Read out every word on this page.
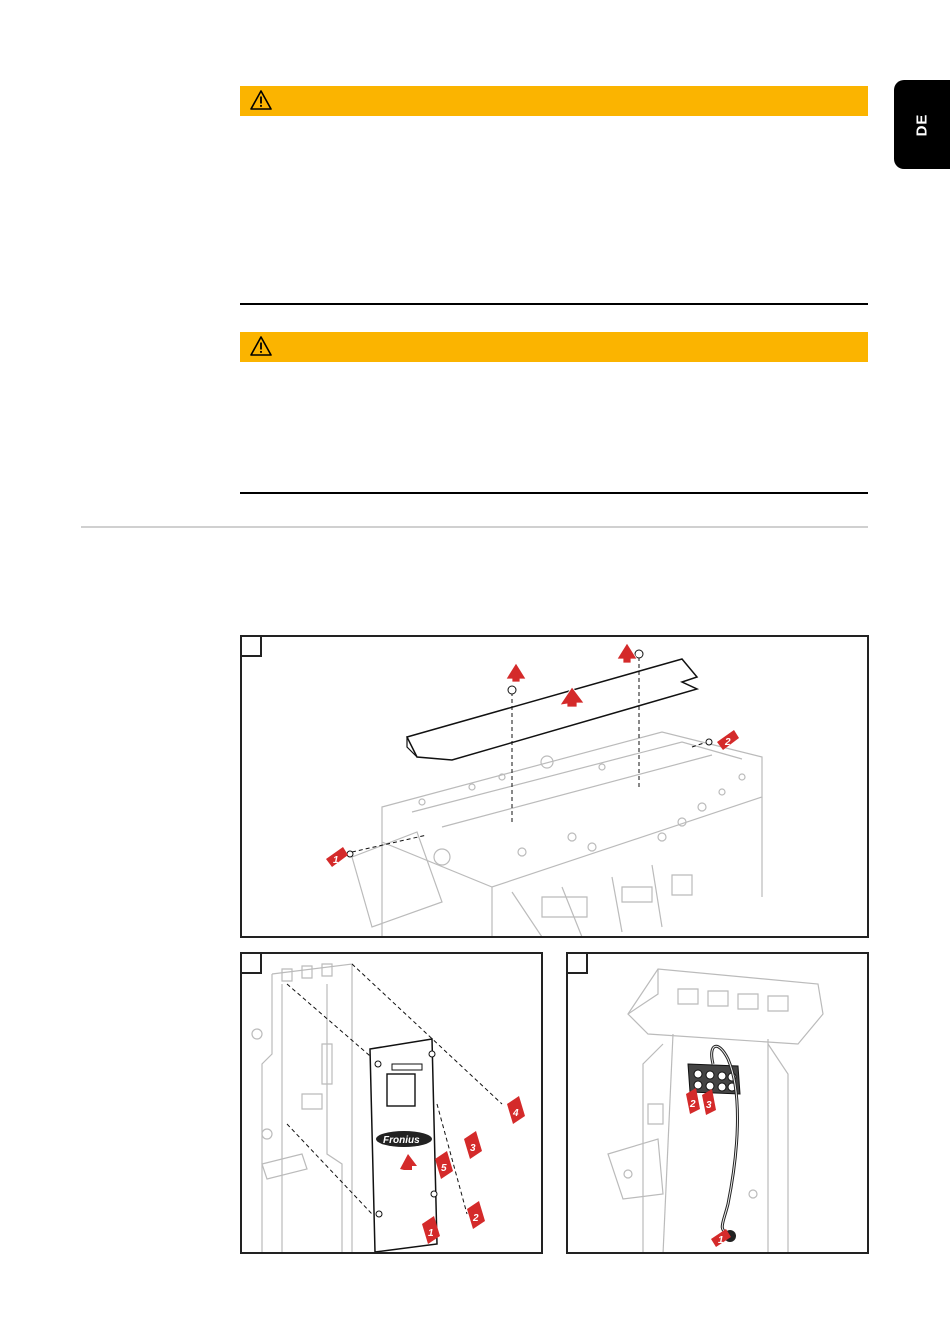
DE
1
2
Fronius
1
2
3
4
5
1
2 3
